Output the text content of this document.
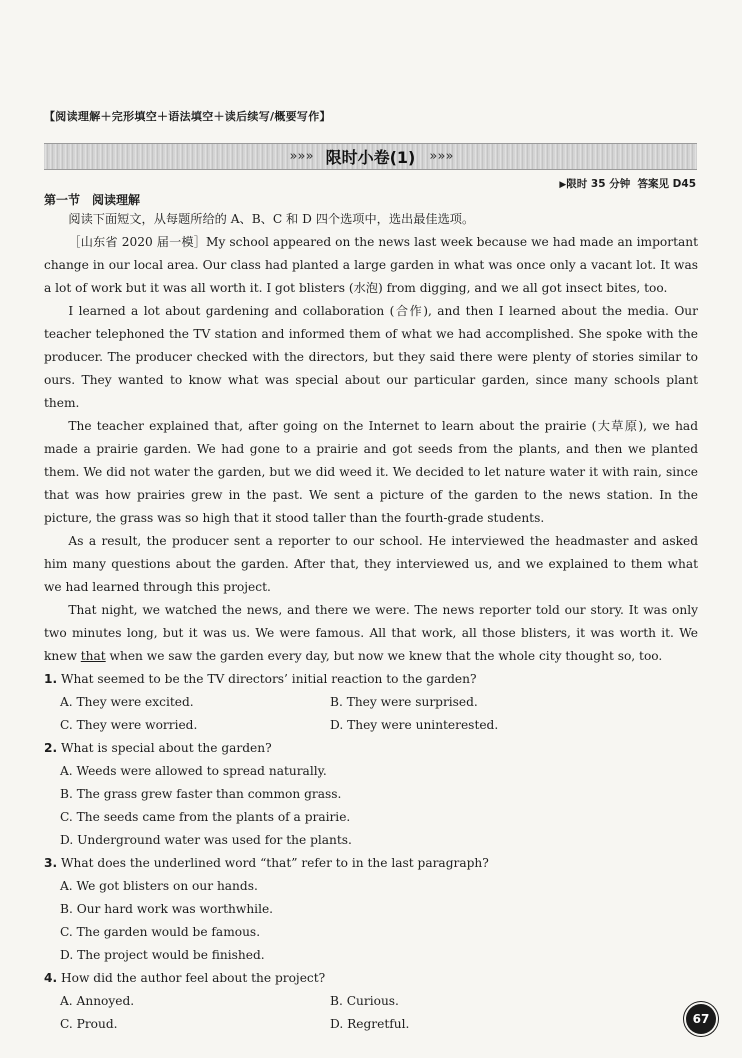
【阅读理解＋完形填空＋语法填空＋读后续写/概要写作】
» » » 限时小卷(1)	» » »
▶限时 35 分钟 答案见 D45
第一节　阅读理解

阅读下面短文，从每题所给的 A、B、C 和 D 四个选项中，选出最佳选项。

［山东省 2020 届一模］My school appeared on the news last week because we had made an important change in our local area. Our class had planted a large garden in what was once only a vacant lot. It was a lot of work but it was all worth it. I got blisters (水泡) from digging, and we all got insect bites, too.

I learned a lot about gardening and collaboration (合作), and then I learned about the media. Our teacher telephoned the TV station and informed them of what we had accomplished. She spoke with the producer. The producer checked with the directors, but they said there were plenty of stories similar to ours. They wanted to know what was special about our particular garden, since many schools plant them.

The teacher explained that, after going on the Internet to learn about the prairie (大草原), we had made a prairie garden. We had gone to a prairie and got seeds from the plants, and then we planted them. We did not water the garden, but we did weed it. We decided to let nature water it with rain, since that was how prairies grew in the past. We sent a picture of the garden to the news station. In the picture, the grass was so high that it stood taller than the fourth-grade students.

As a result, the producer sent a reporter to our school. He interviewed the headmaster and asked him many questions about the garden. After that, they interviewed us, and we explained to them what we had learned through this project.

That night, we watched the news, and there we were. The news reporter told our story. It was only two minutes long, but it was us. We were famous. All that work, all those blisters, it was worth it. We knew that when we saw the garden every day, but now we knew that the whole city thought so, too.

1. What seemed to be the TV directors’ initial reaction to the garden?

A. They were excited.	B. They were surprised.
C. They were worried.	D. They were uninterested.

2. What is special about the garden?

A. Weeds were allowed to spread naturally.

B. The grass grew faster than common grass.

C. The seeds came from the plants of a prairie.

D. Underground water was used for the plants.

3. What does the underlined word “that” refer to in the last paragraph?

A. We got blisters on our hands.

B. Our hard work was worthwhile.

C. The garden would be famous.

D. The project would be finished.

4. How did the author feel about the project?

A. Annoyed.	B. Curious.
C. Proud.	D. Regretful.	67
